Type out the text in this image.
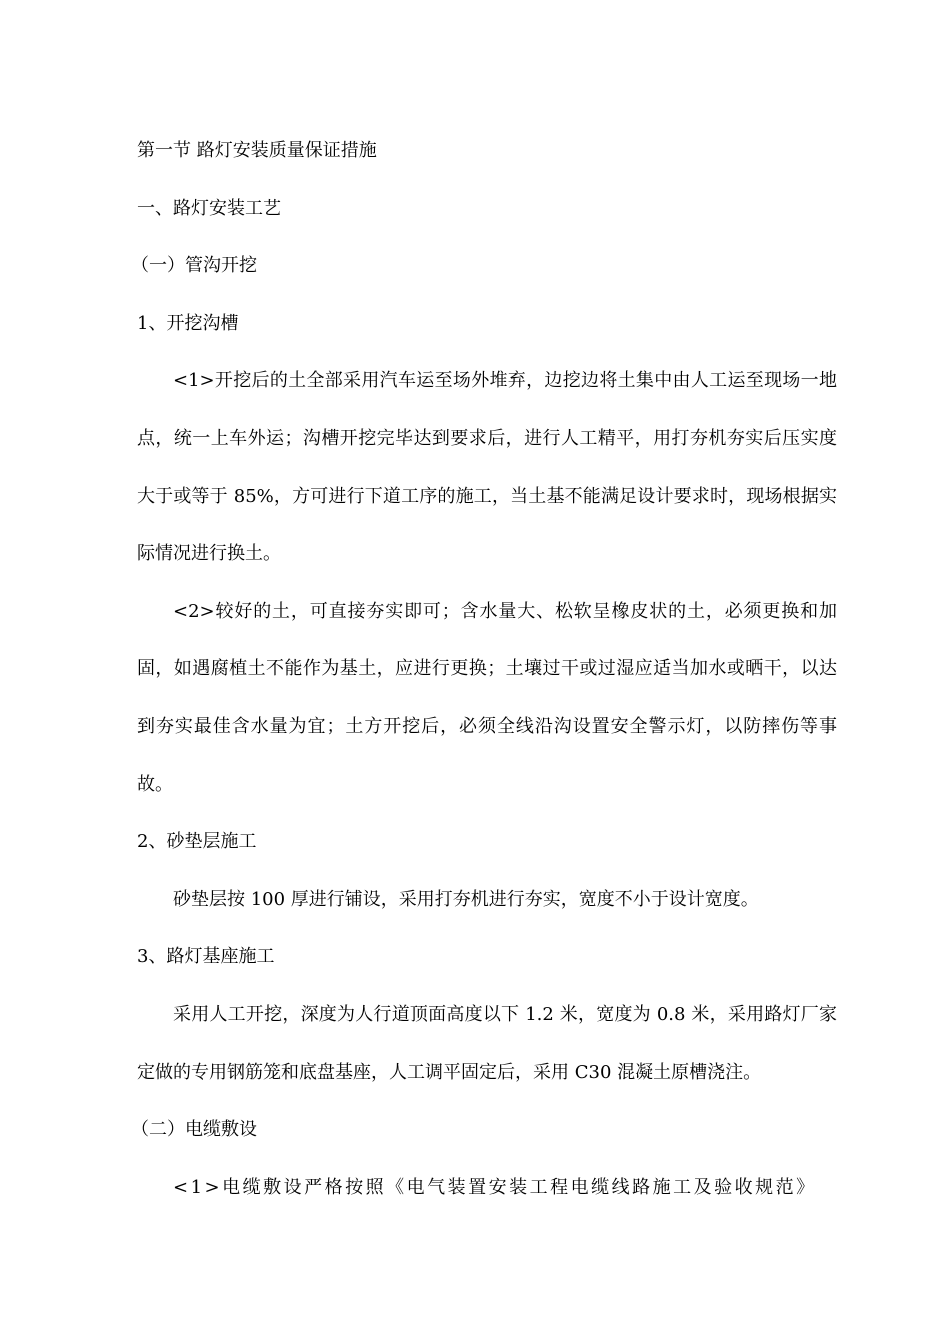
第一节 路灯安装质量保证措施

一、路灯安装工艺

（一）管沟开挖

1、开挖沟槽

<1>开挖后的土全部采用汽车运至场外堆弃，边挖边将土集中由人工运至现场一地点，统一上车外运；沟槽开挖完毕达到要求后，进行人工精平，用打夯机夯实后压实度大于或等于 85%，方可进行下道工序的施工，当土基不能满足设计要求时，现场根据实际情况进行换土。

<2>较好的土，可直接夯实即可；含水量大、松软呈橡皮状的土，必须更换和加固，如遇腐植土不能作为基土，应进行更换；土壤过干或过湿应适当加水或晒干，以达到夯实最佳含水量为宜；土方开挖后，必须全线沿沟设置安全警示灯，以防摔伤等事故。

2、砂垫层施工

砂垫层按 100 厚进行铺设，采用打夯机进行夯实，宽度不小于设计宽度。

3、路灯基座施工

采用人工开挖，深度为人行道顶面高度以下 1.2 米，宽度为 0.8 米，采用路灯厂家定做的专用钢筋笼和底盘基座，人工调平固定后，采用 C30 混凝土原槽浇注。

（二）电缆敷设

<1>电缆敷设严格按照《电气装置安装工程电缆线路施工及验收规范》
